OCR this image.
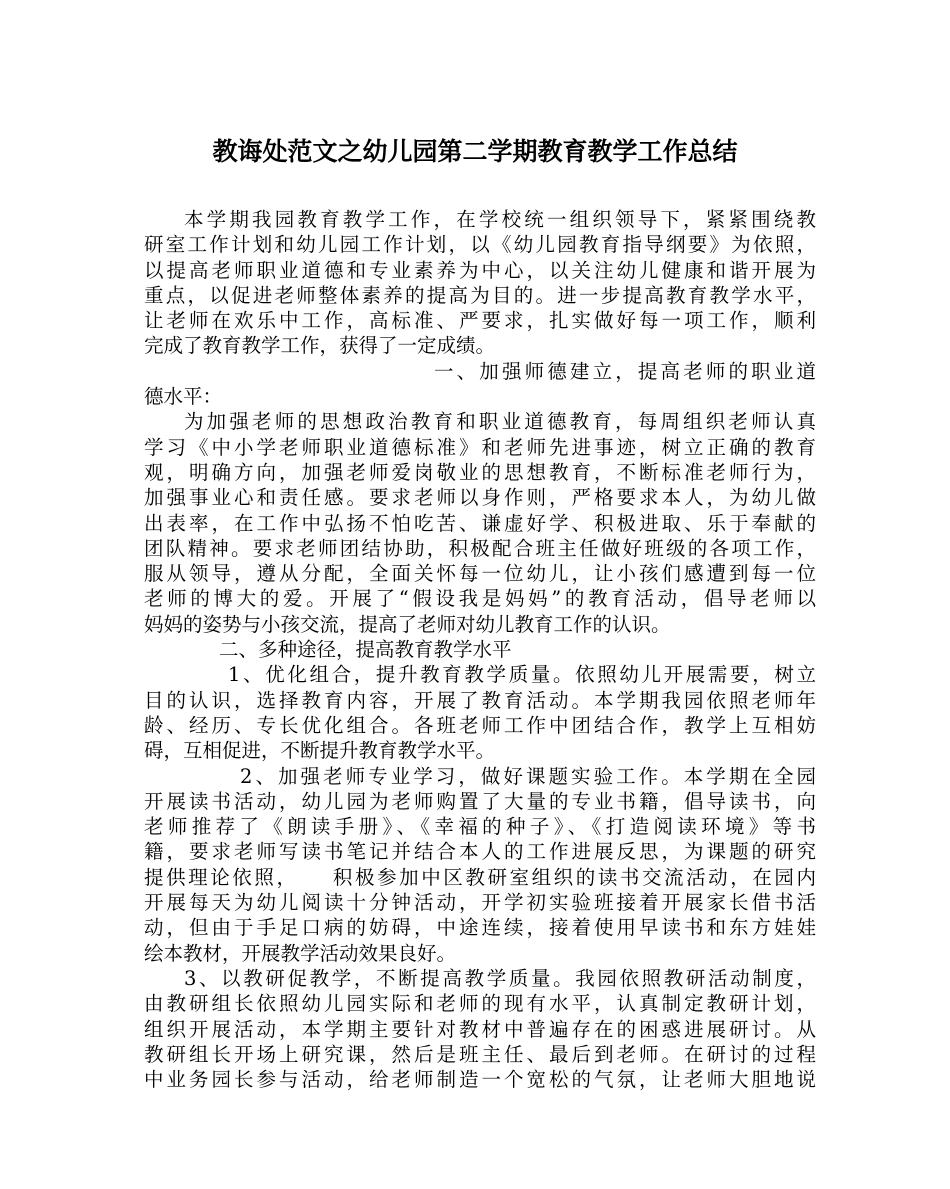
教诲处范文之幼儿园第二学期教育教学工作总结
本学期我园教育教学工作，在学校统一组织领导下，紧紧围绕教
研室工作计划和幼儿园工作计划，以《幼儿园教育指导纲要》为依照，
以提高老师职业道德和专业素养为中心，以关注幼儿健康和谐开展为
重点，以促进老师整体素养的提高为目的。进一步提高教育教学水平，
让老师在欢乐中工作，高标准、严要求，扎实做好每一项工作，顺利
完成了教育教学工作，获得了一定成绩。
一、加强师德建立，提高老师的职业道
德水平：
为加强老师的思想政治教育和职业道德教育，每周组织老师认真
学习《中小学老师职业道德标准》和老师先进事迹，树立正确的教育
观，明确方向，加强老师爱岗敬业的思想教育，不断标准老师行为，
加强事业心和责任感。要求老师以身作则，严格要求本人，为幼儿做
出表率，在工作中弘扬不怕吃苦、谦虚好学、积极进取、乐于奉献的
团队精神。要求老师团结协助，积极配合班主任做好班级的各项工作，
服从领导，遵从分配，全面关怀每一位幼儿，让小孩们感遭到每一位
老师的博大的爱。开展了“假设我是妈妈”的教育活动，倡导老师以
妈妈的姿势与小孩交流，提高了老师对幼儿教育工作的认识。
二、多种途径，提高教育教学水平
1、优化组合，提升教育教学质量。依照幼儿开展需要，树立
目的认识，选择教育内容，开展了教育活动。本学期我园依照老师年
龄、经历、专长优化组合。各班老师工作中团结合作，教学上互相妨
碍，互相促进，不断提升教育教学水平。
2、加强老师专业学习，做好课题实验工作。本学期在全园
开展读书活动，幼儿园为老师购置了大量的专业书籍，倡导读书，向
老师推荐了《朗读手册》、《幸福的种子》、《打造阅读环境》等书
籍，要求老师写读书笔记并结合本人的工作进展反思，为课题的研究
提供理论依照，　　积极参加中区教研室组织的读书交流活动，在园内
开展每天为幼儿阅读十分钟活动，开学初实验班接着开展家长借书活
动，但由于手足口病的妨碍，中途连续，接着使用早读书和东方娃娃
绘本教材，开展教学活动效果良好。
3、以教研促教学，不断提高教学质量。我园依照教研活动制度，
由教研组长依照幼儿园实际和老师的现有水平，认真制定教研计划，
组织开展活动，本学期主要针对教材中普遍存在的困惑进展研讨。从
教研组长开场上研究课，然后是班主任、最后到老师。在研讨的过程
中业务园长参与活动，给老师制造一个宽松的气氛，让老师大胆地说
